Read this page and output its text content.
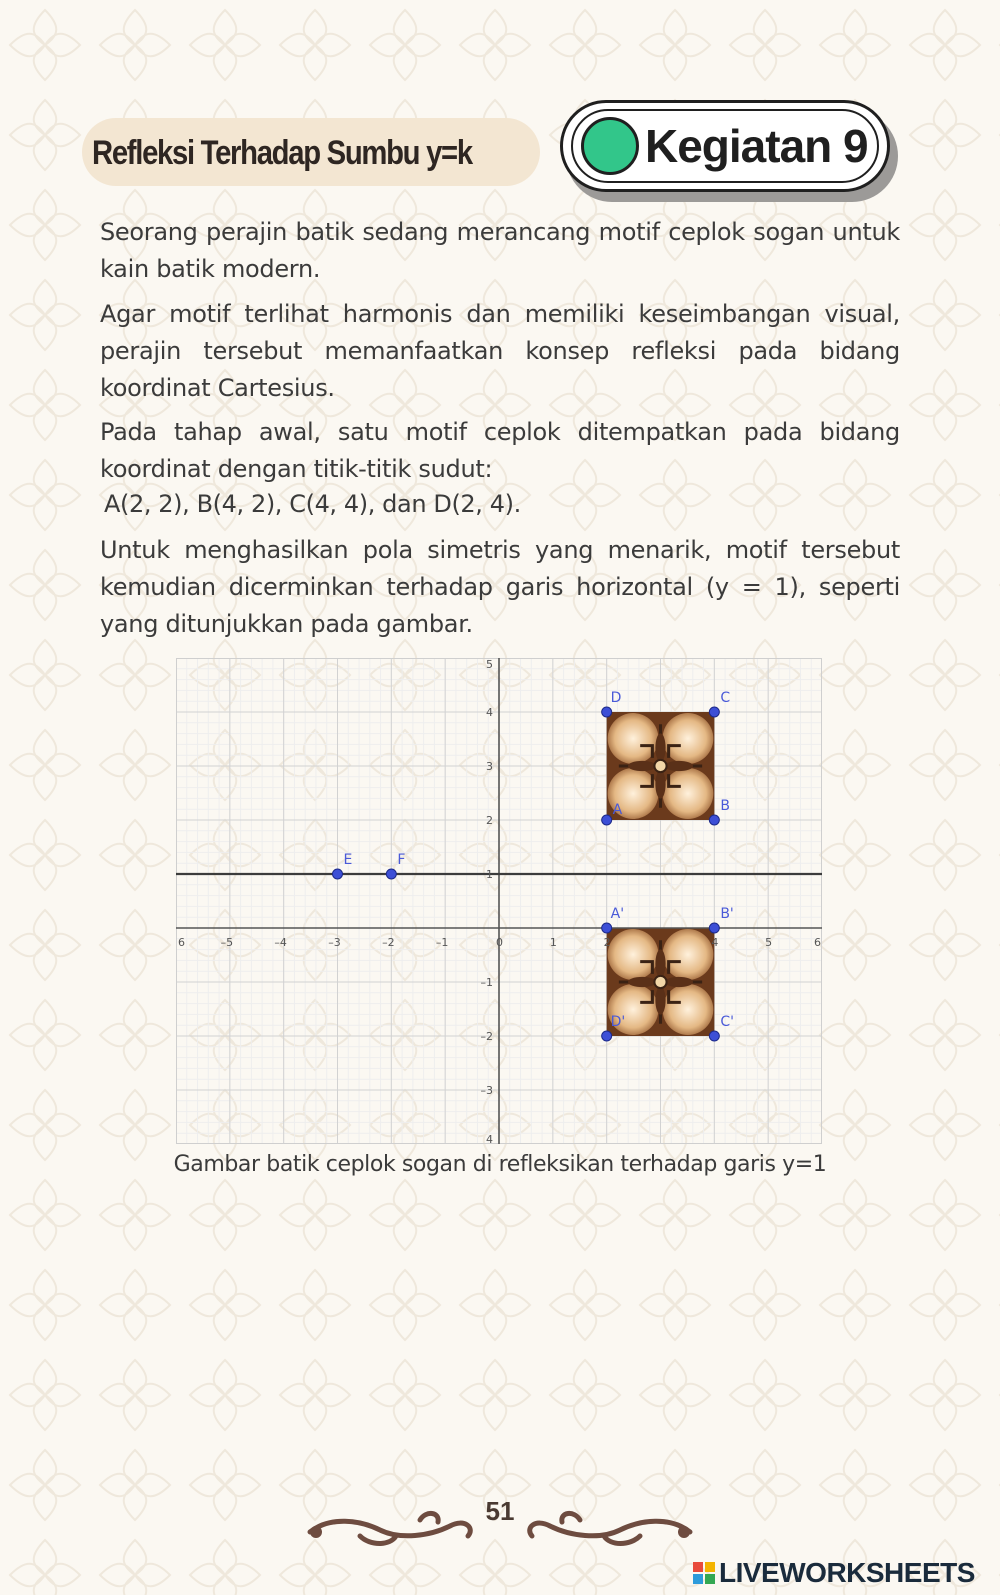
Refleksi Terhadap Sumbu y=k	Kegiatan 9
Seorang perajin batik sedang merancang motif ceplok sogan untuk kain batik modern.
Agar motif terlihat harmonis dan memiliki keseimbangan visual, perajin tersebut memanfaatkan konsep refleksi pada bidang koordinat Cartesius.
Pada tahap awal, satu motif ceplok ditempatkan pada bidang koordinat dengan titik-titik sudut:
A(2, 2), B(4, 2), C(4, 4), dan D(2, 4).
Untuk menghasilkan pola simetris yang menarik, motif tersebut kemudian dicerminkan terhadap garis horizontal (y = 1), seperti yang ditunjukkan pada gambar.
6	–5	–4	–3	–2	–1	0	1	2	4	5	6
5
4
3
2
1
–1
–2
–3
4
A	B
C
D
A'	B'
C'
D'
E	F
Gambar batik ceplok sogan di refleksikan terhadap garis y=1
51
LIVEWORKSHEETS
